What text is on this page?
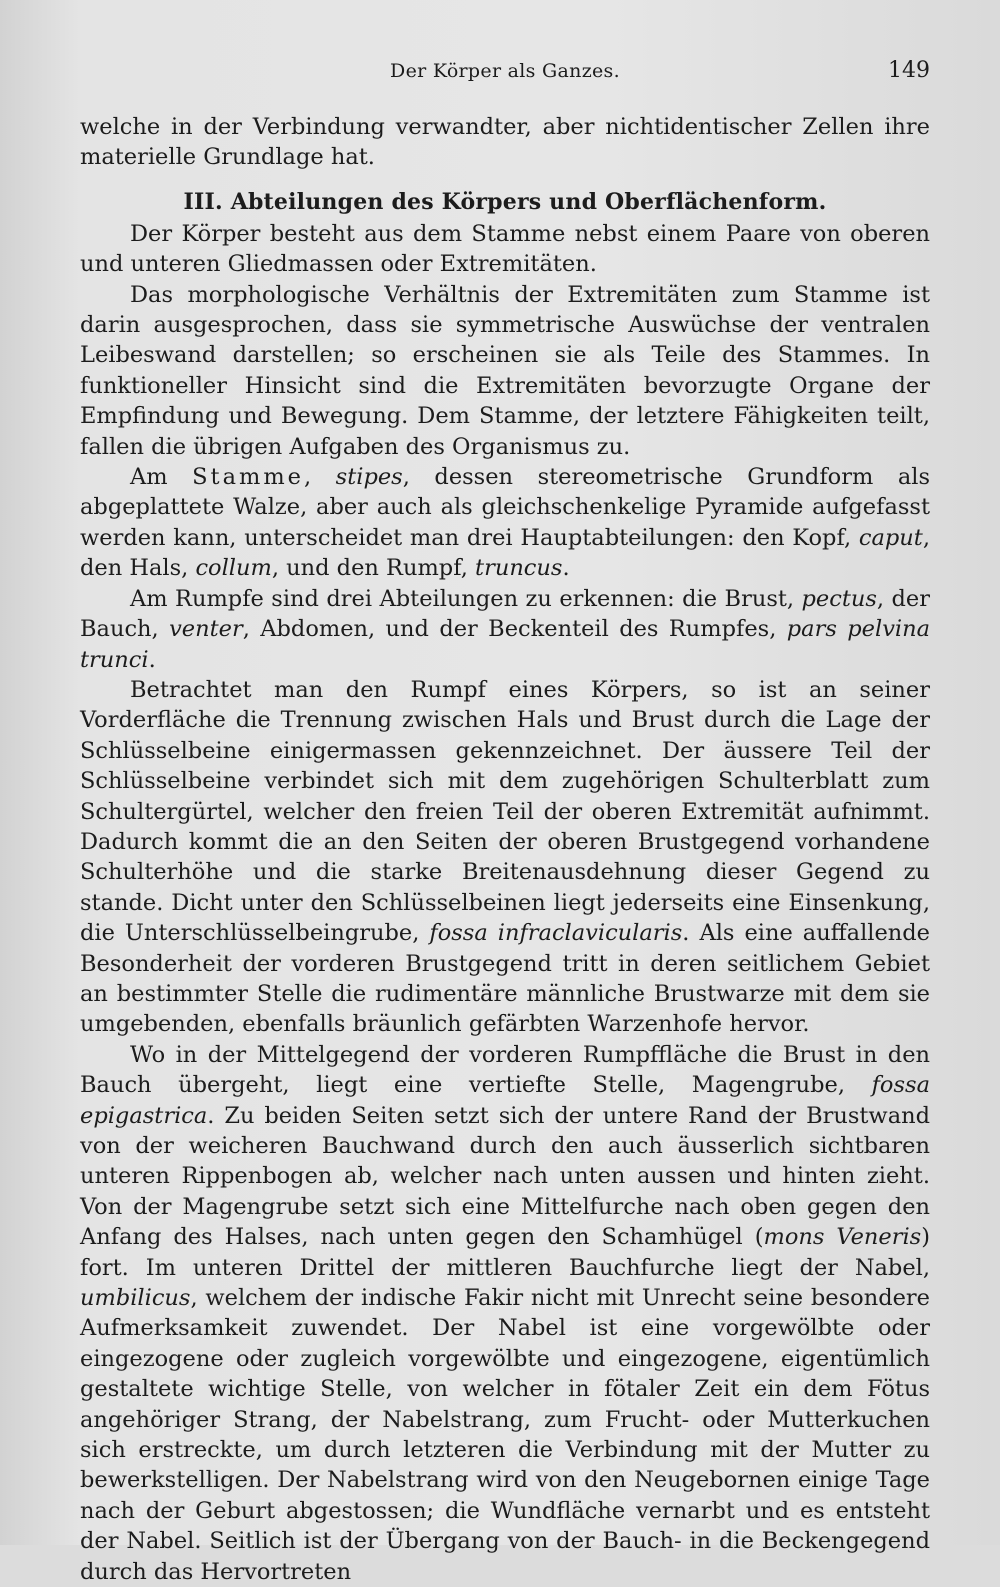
Der Körper als Ganzes.	149

welche in der Verbindung verwandter, aber nichtidentischer Zellen ihre materielle Grundlage hat.

III. Abteilungen des Körpers und Oberflächenform.

Der Körper besteht aus dem Stamme nebst einem Paare von oberen und unteren Gliedmassen oder Extremitäten.

Das morphologische Verhältnis der Extremitäten zum Stamme ist darin ausgesprochen, dass sie symmetrische Auswüchse der ventralen Leibeswand darstellen; so erscheinen sie als Teile des Stammes. In funktioneller Hinsicht sind die Extremitäten bevorzugte Organe der Empfindung und Bewegung. Dem Stamme, der letztere Fähigkeiten teilt, fallen die übrigen Aufgaben des Organismus zu.

Am Stamme, stipes, dessen stereometrische Grundform als abgeplattete Walze, aber auch als gleichschenkelige Pyramide aufgefasst werden kann, unterscheidet man drei Hauptabteilungen: den Kopf, caput, den Hals, collum, und den Rumpf, truncus.

Am Rumpfe sind drei Abteilungen zu erkennen: die Brust, pectus, der Bauch, venter, Abdomen, und der Beckenteil des Rumpfes, pars pelvina trunci.

Betrachtet man den Rumpf eines Körpers, so ist an seiner Vorderfläche die Trennung zwischen Hals und Brust durch die Lage der Schlüsselbeine einigermassen gekennzeichnet. Der äussere Teil der Schlüsselbeine verbindet sich mit dem zugehörigen Schulterblatt zum Schultergürtel, welcher den freien Teil der oberen Extremität aufnimmt. Dadurch kommt die an den Seiten der oberen Brustgegend vorhandene Schulterhöhe und die starke Breitenausdehnung dieser Gegend zu stande. Dicht unter den Schlüsselbeinen liegt jederseits eine Einsenkung, die Unterschlüsselbeingrube, fossa infraclavicularis. Als eine auffallende Besonderheit der vorderen Brustgegend tritt in deren seitlichem Gebiet an bestimmter Stelle die rudimentäre männliche Brustwarze mit dem sie umgebenden, ebenfalls bräunlich gefärbten Warzenhofe hervor.

Wo in der Mittelgegend der vorderen Rumpffläche die Brust in den Bauch übergeht, liegt eine vertiefte Stelle, Magengrube, fossa epigastrica. Zu beiden Seiten setzt sich der untere Rand der Brustwand von der weicheren Bauchwand durch den auch äusserlich sichtbaren unteren Rippenbogen ab, welcher nach unten aussen und hinten zieht. Von der Magengrube setzt sich eine Mittelfurche nach oben gegen den Anfang des Halses, nach unten gegen den Schamhügel (mons Veneris) fort. Im unteren Drittel der mittleren Bauchfurche liegt der Nabel, umbilicus, welchem der indische Fakir nicht mit Unrecht seine besondere Aufmerksamkeit zuwendet. Der Nabel ist eine vorgewölbte oder eingezogene oder zugleich vorgewölbte und eingezogene, eigentümlich gestaltete wichtige Stelle, von welcher in fötaler Zeit ein dem Fötus angehöriger Strang, der Nabelstrang, zum Frucht- oder Mutterkuchen sich erstreckte, um durch letzteren die Verbindung mit der Mutter zu bewerkstelligen. Der Nabelstrang wird von den Neugebornen einige Tage nach der Geburt abgestossen; die Wundfläche vernarbt und es entsteht der Nabel. Seitlich ist der Übergang von der Bauch- in die Beckengegend durch das Hervortreten
